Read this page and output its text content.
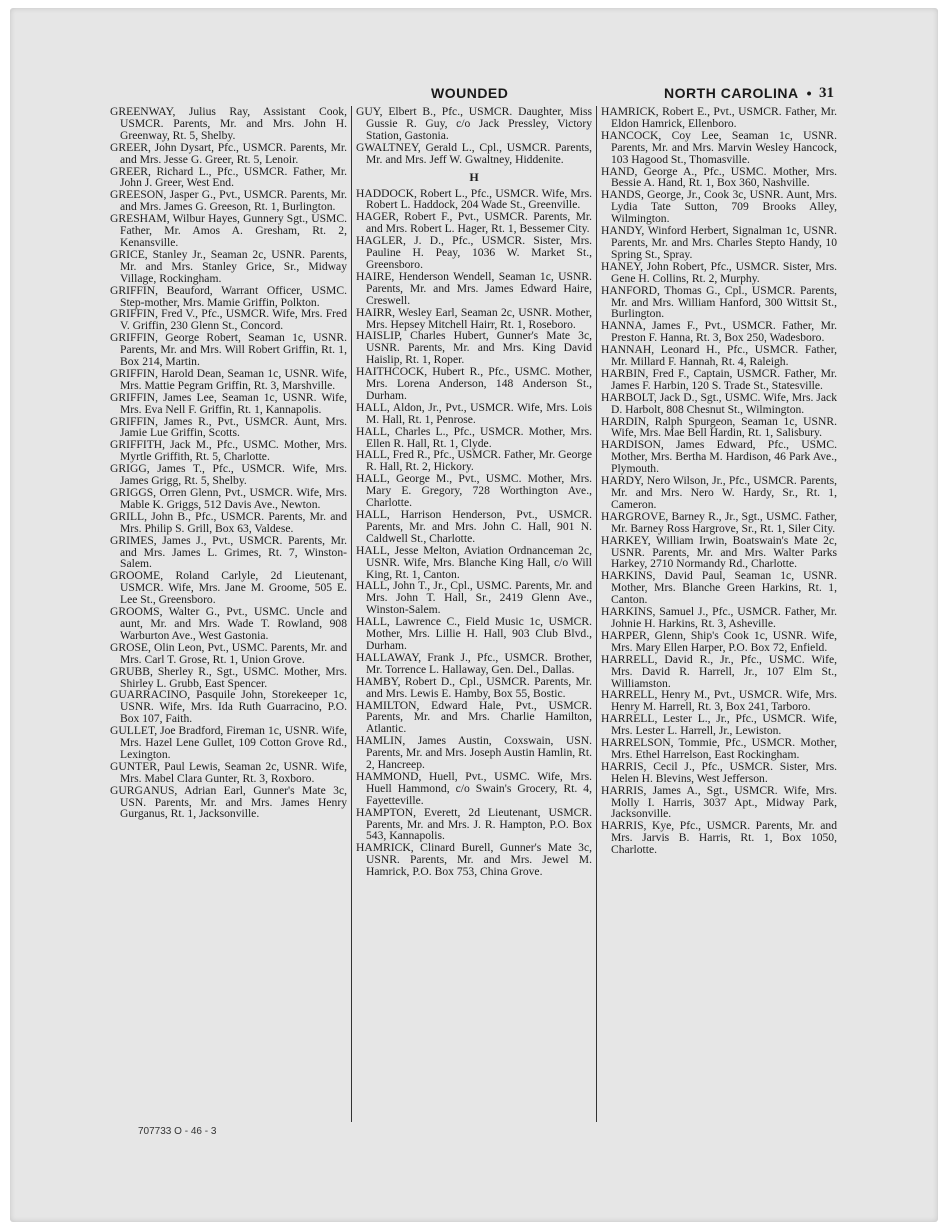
WOUNDED	NORTH CAROLINA • 31

GREENWAY, Julius Ray, Assistant Cook, USMCR. Parents, Mr. and Mrs. John H. Greenway, Rt. 5, Shelby.

GREER, John Dysart, Pfc., USMCR. Parents, Mr. and Mrs. Jesse G. Greer, Rt. 5, Lenoir.

GREER, Richard L., Pfc., USMCR. Father, Mr. John J. Greer, West End.

GREESON, Jasper G., Pvt., USMCR. Parents, Mr. and Mrs. James G. Greeson, Rt. 1, Burlington.

GRESHAM, Wilbur Hayes, Gunnery Sgt., USMC. Father, Mr. Amos A. Gresham, Rt. 2, Kenansville.

GRICE, Stanley Jr., Seaman 2c, USNR. Parents, Mr. and Mrs. Stanley Grice, Sr., Midway Village, Rockingham.

GRIFFIN, Beauford, Warrant Officer, USMC. Step-mother, Mrs. Mamie Griffin, Polkton.

GRIFFIN, Fred V., Pfc., USMCR. Wife, Mrs. Fred V. Griffin, 230 Glenn St., Concord.

GRIFFIN, George Robert, Seaman 1c, USNR. Parents, Mr. and Mrs. Will Robert Griffin, Rt. 1, Box 214, Martin.

GRIFFIN, Harold Dean, Seaman 1c, USNR. Wife, Mrs. Mattie Pegram Griffin, Rt. 3, Marshville.

GRIFFIN, James Lee, Seaman 1c, USNR. Wife, Mrs. Eva Nell F. Griffin, Rt. 1, Kannapolis.

GRIFFIN, James R., Pvt., USMCR. Aunt, Mrs. Jamie Lue Griffin, Scotts.

GRIFFITH, Jack M., Pfc., USMC. Mother, Mrs. Myrtle Griffith, Rt. 5, Charlotte.

GRIGG, James T., Pfc., USMCR. Wife, Mrs. James Grigg, Rt. 5, Shelby.

GRIGGS, Orren Glenn, Pvt., USMCR. Wife, Mrs. Mable K. Griggs, 512 Davis Ave., Newton.

GRILL, John B., Pfc., USMCR. Parents, Mr. and Mrs. Philip S. Grill, Box 63, Valdese.

GRIMES, James J., Pvt., USMCR. Parents, Mr. and Mrs. James L. Grimes, Rt. 7, Winston-Salem.

GROOME, Roland Carlyle, 2d Lieutenant, USMCR. Wife, Mrs. Jane M. Groome, 505 E. Lee St., Greensboro.

GROOMS, Walter G., Pvt., USMC. Uncle and aunt, Mr. and Mrs. Wade T. Rowland, 908 Warburton Ave., West Gastonia.

GROSE, Olin Leon, Pvt., USMC. Parents, Mr. and Mrs. Carl T. Grose, Rt. 1, Union Grove.

GRUBB, Sherley R., Sgt., USMC. Mother, Mrs. Shirley L. Grubb, East Spencer.

GUARRACINO, Pasquile John, Storekeeper 1c, USNR. Wife, Mrs. Ida Ruth Guarracino, P.O. Box 107, Faith.

GULLET, Joe Bradford, Fireman 1c, USNR. Wife, Mrs. Hazel Lene Gullet, 109 Cotton Grove Rd., Lexington.

GUNTER, Paul Lewis, Seaman 2c, USNR. Wife, Mrs. Mabel Clara Gunter, Rt. 3, Roxboro.

GURGANUS, Adrian Earl, Gunner's Mate 3c, USN. Parents, Mr. and Mrs. James Henry Gurganus, Rt. 1, Jacksonville.

GUY, Elbert B., Pfc., USMCR. Daughter, Miss Gussie R. Guy, c/o Jack Pressley, Victory Station, Gastonia.

GWALTNEY, Gerald L., Cpl., USMCR. Parents, Mr. and Mrs. Jeff W. Gwaltney, Hiddenite.

H

HADDOCK, Robert L., Pfc., USMCR. Wife, Mrs. Robert L. Haddock, 204 Wade St., Greenville.

HAGER, Robert F., Pvt., USMCR. Parents, Mr. and Mrs. Robert L. Hager, Rt. 1, Bessemer City.

HAGLER, J. D., Pfc., USMCR. Sister, Mrs. Pauline H. Peay, 1036 W. Market St., Greensboro.

HAIRE, Henderson Wendell, Seaman 1c, USNR. Parents, Mr. and Mrs. James Edward Haire, Creswell.

HAIRR, Wesley Earl, Seaman 2c, USNR. Mother, Mrs. Hepsey Mitchell Hairr, Rt. 1, Roseboro.

HAISLIP, Charles Hubert, Gunner's Mate 3c, USNR. Parents, Mr. and Mrs. King David Haislip, Rt. 1, Roper.

HAITHCOCK, Hubert R., Pfc., USMC. Mother, Mrs. Lorena Anderson, 148 Anderson St., Durham.

HALL, Aldon, Jr., Pvt., USMCR. Wife, Mrs. Lois M. Hall, Rt. 1, Penrose.

HALL, Charles L., Pfc., USMCR. Mother, Mrs. Ellen R. Hall, Rt. 1, Clyde.

HALL, Fred R., Pfc., USMCR. Father, Mr. George R. Hall, Rt. 2, Hickory.

HALL, George M., Pvt., USMC. Mother, Mrs. Mary E. Gregory, 728 Worthington Ave., Charlotte.

HALL, Harrison Henderson, Pvt., USMCR. Parents, Mr. and Mrs. John C. Hall, 901 N. Caldwell St., Charlotte.

HALL, Jesse Melton, Aviation Ordnanceman 2c, USNR. Wife, Mrs. Blanche King Hall, c/o Will King, Rt. 1, Canton.

HALL, John T., Jr., Cpl., USMC. Parents, Mr. and Mrs. John T. Hall, Sr., 2419 Glenn Ave., Winston-Salem.

HALL, Lawrence C., Field Music 1c, USMCR. Mother, Mrs. Lillie H. Hall, 903 Club Blvd., Durham.

HALLAWAY, Frank J., Pfc., USMCR. Brother, Mr. Torrence L. Hallaway, Gen. Del., Dallas.

HAMBY, Robert D., Cpl., USMCR. Parents, Mr. and Mrs. Lewis E. Hamby, Box 55, Bostic.

HAMILTON, Edward Hale, Pvt., USMCR. Parents, Mr. and Mrs. Charlie Hamilton, Atlantic.

HAMLIN, James Austin, Coxswain, USN. Parents, Mr. and Mrs. Joseph Austin Hamlin, Rt. 2, Hancreep.

HAMMOND, Huell, Pvt., USMC. Wife, Mrs. Huell Hammond, c/o Swain's Grocery, Rt. 4, Fayetteville.

HAMPTON, Everett, 2d Lieutenant, USMCR. Parents, Mr. and Mrs. J. R. Hampton, P.O. Box 543, Kannapolis.

HAMRICK, Clinard Burell, Gunner's Mate 3c, USNR. Parents, Mr. and Mrs. Jewel M. Hamrick, P.O. Box 753, China Grove.

HAMRICK, Robert E., Pvt., USMCR. Father, Mr. Eldon Hamrick, Ellenboro.

HANCOCK, Coy Lee, Seaman 1c, USNR. Parents, Mr. and Mrs. Marvin Wesley Hancock, 103 Hagood St., Thomasville.

HAND, George A., Pfc., USMC. Mother, Mrs. Bessie A. Hand, Rt. 1, Box 360, Nashville.

HANDS, George, Jr., Cook 3c, USNR. Aunt, Mrs. Lydia Tate Sutton, 709 Brooks Alley, Wilmington.

HANDY, Winford Herbert, Signalman 1c, USNR. Parents, Mr. and Mrs. Charles Stepto Handy, 10 Spring St., Spray.

HANEY, John Robert, Pfc., USMCR. Sister, Mrs. Gene H. Collins, Rt. 2, Murphy.

HANFORD, Thomas G., Cpl., USMCR. Parents, Mr. and Mrs. William Hanford, 300 Wittsit St., Burlington.

HANNA, James F., Pvt., USMCR. Father, Mr. Preston F. Hanna, Rt. 3, Box 250, Wadesboro.

HANNAH, Leonard H., Pfc., USMCR. Father, Mr. Millard F. Hannah, Rt. 4, Raleigh.

HARBIN, Fred F., Captain, USMCR. Father, Mr. James F. Harbin, 120 S. Trade St., Statesville.

HARBOLT, Jack D., Sgt., USMC. Wife, Mrs. Jack D. Harbolt, 808 Chesnut St., Wilmington.

HARDIN, Ralph Spurgeon, Seaman 1c, USNR. Wife, Mrs. Mae Bell Hardin, Rt. 1, Salisbury.

HARDISON, James Edward, Pfc., USMC. Mother, Mrs. Bertha M. Hardison, 46 Park Ave., Plymouth.

HARDY, Nero Wilson, Jr., Pfc., USMCR. Parents, Mr. and Mrs. Nero W. Hardy, Sr., Rt. 1, Cameron.

HARGROVE, Barney R., Jr., Sgt., USMC. Father, Mr. Barney Ross Hargrove, Sr., Rt. 1, Siler City.

HARKEY, William Irwin, Boatswain's Mate 2c, USNR. Parents, Mr. and Mrs. Walter Parks Harkey, 2710 Normandy Rd., Charlotte.

HARKINS, David Paul, Seaman 1c, USNR. Mother, Mrs. Blanche Green Harkins, Rt. 1, Canton.

HARKINS, Samuel J., Pfc., USMCR. Father, Mr. Johnie H. Harkins, Rt. 3, Asheville.

HARPER, Glenn, Ship's Cook 1c, USNR. Wife, Mrs. Mary Ellen Harper, P.O. Box 72, Enfield.

HARRELL, David R., Jr., Pfc., USMC. Wife, Mrs. David R. Harrell, Jr., 107 Elm St., Williamston.

HARRELL, Henry M., Pvt., USMCR. Wife, Mrs. Henry M. Harrell, Rt. 3, Box 241, Tarboro.

HARRELL, Lester L., Jr., Pfc., USMCR. Wife, Mrs. Lester L. Harrell, Jr., Lewiston.

HARRELSON, Tommie, Pfc., USMCR. Mother, Mrs. Ethel Harrelson, East Rockingham.

HARRIS, Cecil J., Pfc., USMCR. Sister, Mrs. Helen H. Blevins, West Jefferson.

HARRIS, James A., Sgt., USMCR. Wife, Mrs. Molly I. Harris, 3037 Apt., Midway Park, Jacksonville.

HARRIS, Kye, Pfc., USMCR. Parents, Mr. and Mrs. Jarvis B. Harris, Rt. 1, Box 1050, Charlotte.

707733 O - 46 - 3
